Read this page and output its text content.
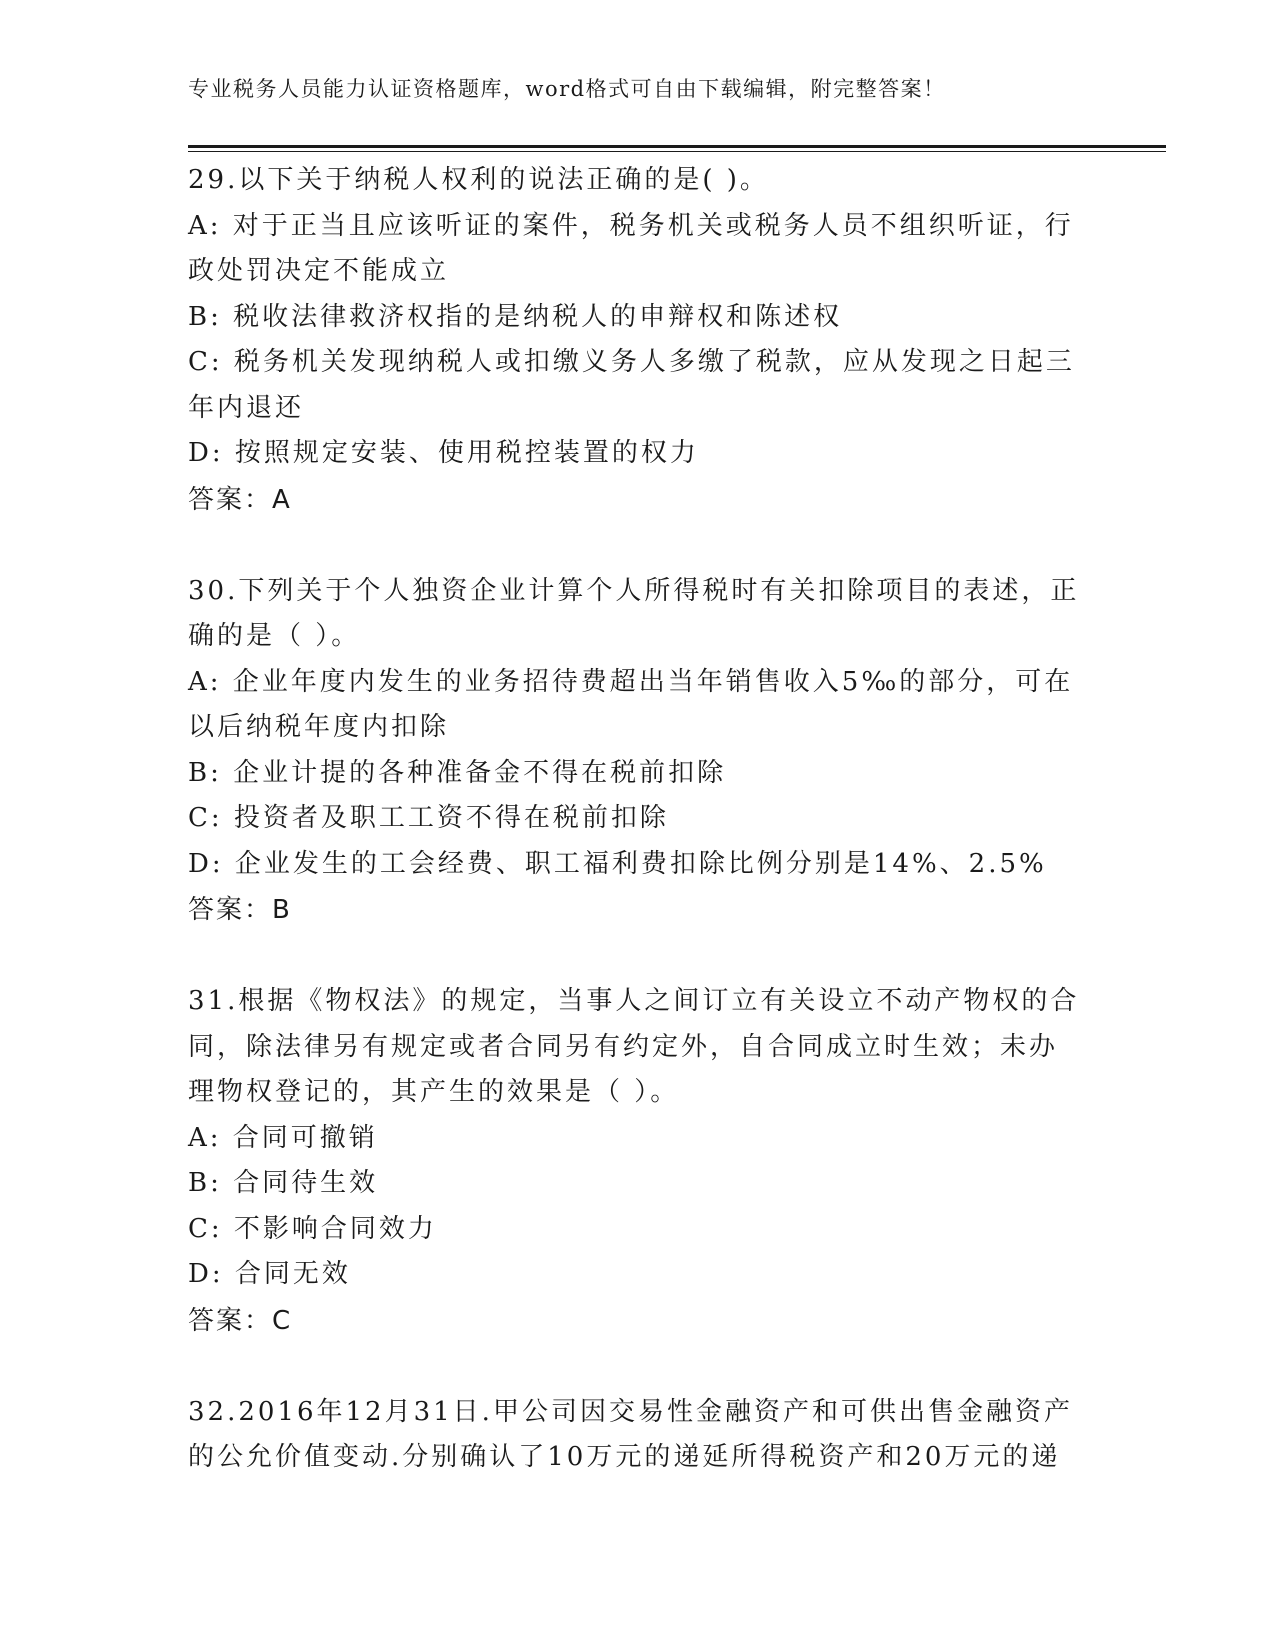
专业税务人员能力认证资格题库，word格式可自由下载编辑，附完整答案！
29.以下关于纳税人权利的说法正确的是( )。
A: 对于正当且应该听证的案件，税务机关或税务人员不组织听证，行
政处罚决定不能成立
B: 税收法律救济权指的是纳税人的申辩权和陈述权
C: 税务机关发现纳税人或扣缴义务人多缴了税款，应从发现之日起三
年内退还
D: 按照规定安装、使用税控装置的权力
答案：A
30.下列关于个人独资企业计算个人所得税时有关扣除项目的表述，正
确的是（ ）。
A: 企业年度内发生的业务招待费超出当年销售收入5‰的部分，可在
以后纳税年度内扣除
B: 企业计提的各种准备金不得在税前扣除
C: 投资者及职工工资不得在税前扣除
D: 企业发生的工会经费、职工福利费扣除比例分别是14%、2.5%
答案：B
31.根据《物权法》的规定，当事人之间订立有关设立不动产物权的合
同，除法律另有规定或者合同另有约定外，自合同成立时生效；未办
理物权登记的，其产生的效果是（ ）。
A: 合同可撤销
B: 合同待生效
C: 不影响合同效力
D: 合同无效
答案：C
32.2016年12月31日.甲公司因交易性金融资产和可供出售金融资产
的公允价值变动.分别确认了10万元的递延所得税资产和20万元的递
